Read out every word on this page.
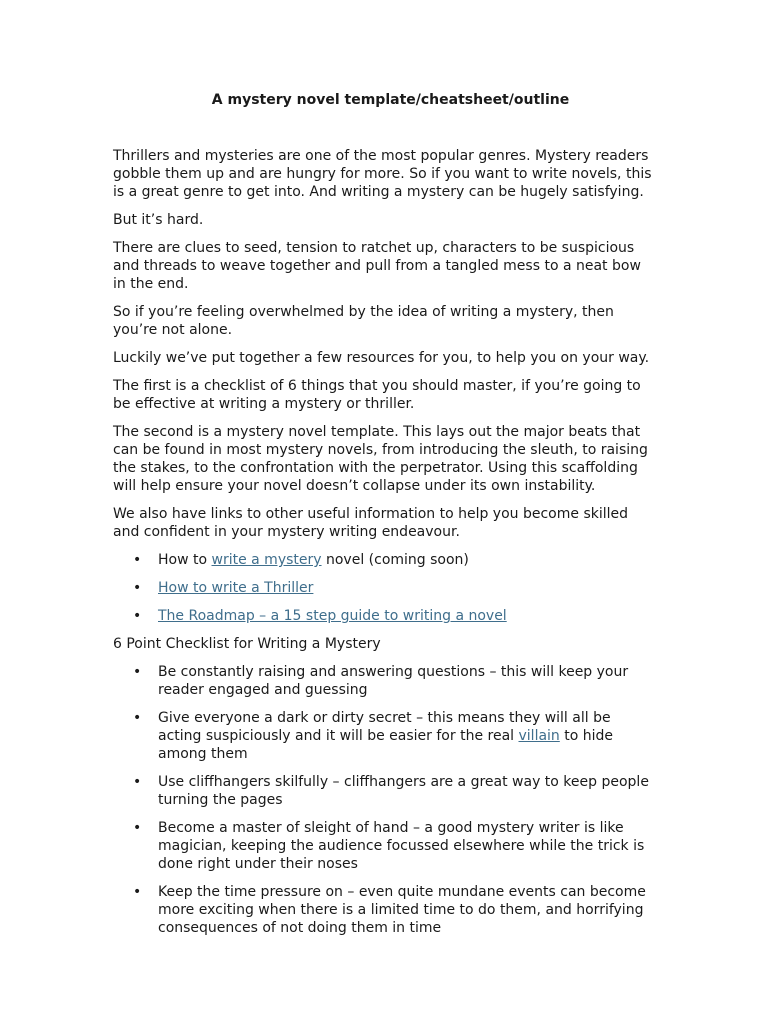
A mystery novel template/cheatsheet/outline

Thrillers and mysteries are one of the most popular genres. Mystery readers gobble them up and are hungry for more. So if you want to write novels, this is a great genre to get into. And writing a mystery can be hugely satisfying.

But it’s hard.

There are clues to seed, tension to ratchet up, characters to be suspicious and threads to weave together and pull from a tangled mess to a neat bow in the end.

So if you’re feeling overwhelmed by the idea of writing a mystery, then you’re not alone.

Luckily we’ve put together a few resources for you, to help you on your way.

The first is a checklist of 6 things that you should master, if you’re going to be effective at writing a mystery or thriller.

The second is a mystery novel template. This lays out the major beats that can be found in most mystery novels, from introducing the sleuth, to raising the stakes, to the confrontation with the perpetrator. Using this scaffolding will help ensure your novel doesn’t collapse under its own instability.

We also have links to other useful information to help you become skilled and confident in your mystery writing endeavour.

• How to write a mystery novel (coming soon)
• How to write a Thriller
• The Roadmap – a 15 step guide to writing a novel
6 Point Checklist for Writing a Mystery
• Be constantly raising and answering questions – this will keep your reader engaged and guessing
• Give everyone a dark or dirty secret – this means they will all be acting suspiciously and it will be easier for the real villain to hide among them
• Use cliffhangers skilfully – cliffhangers are a great way to keep people turning the pages
• Become a master of sleight of hand – a good mystery writer is like magician, keeping the audience focussed elsewhere while the trick is done right under their noses
• Keep the time pressure on – even quite mundane events can become more exciting when there is a limited time to do them, and horrifying consequences of not doing them in time
